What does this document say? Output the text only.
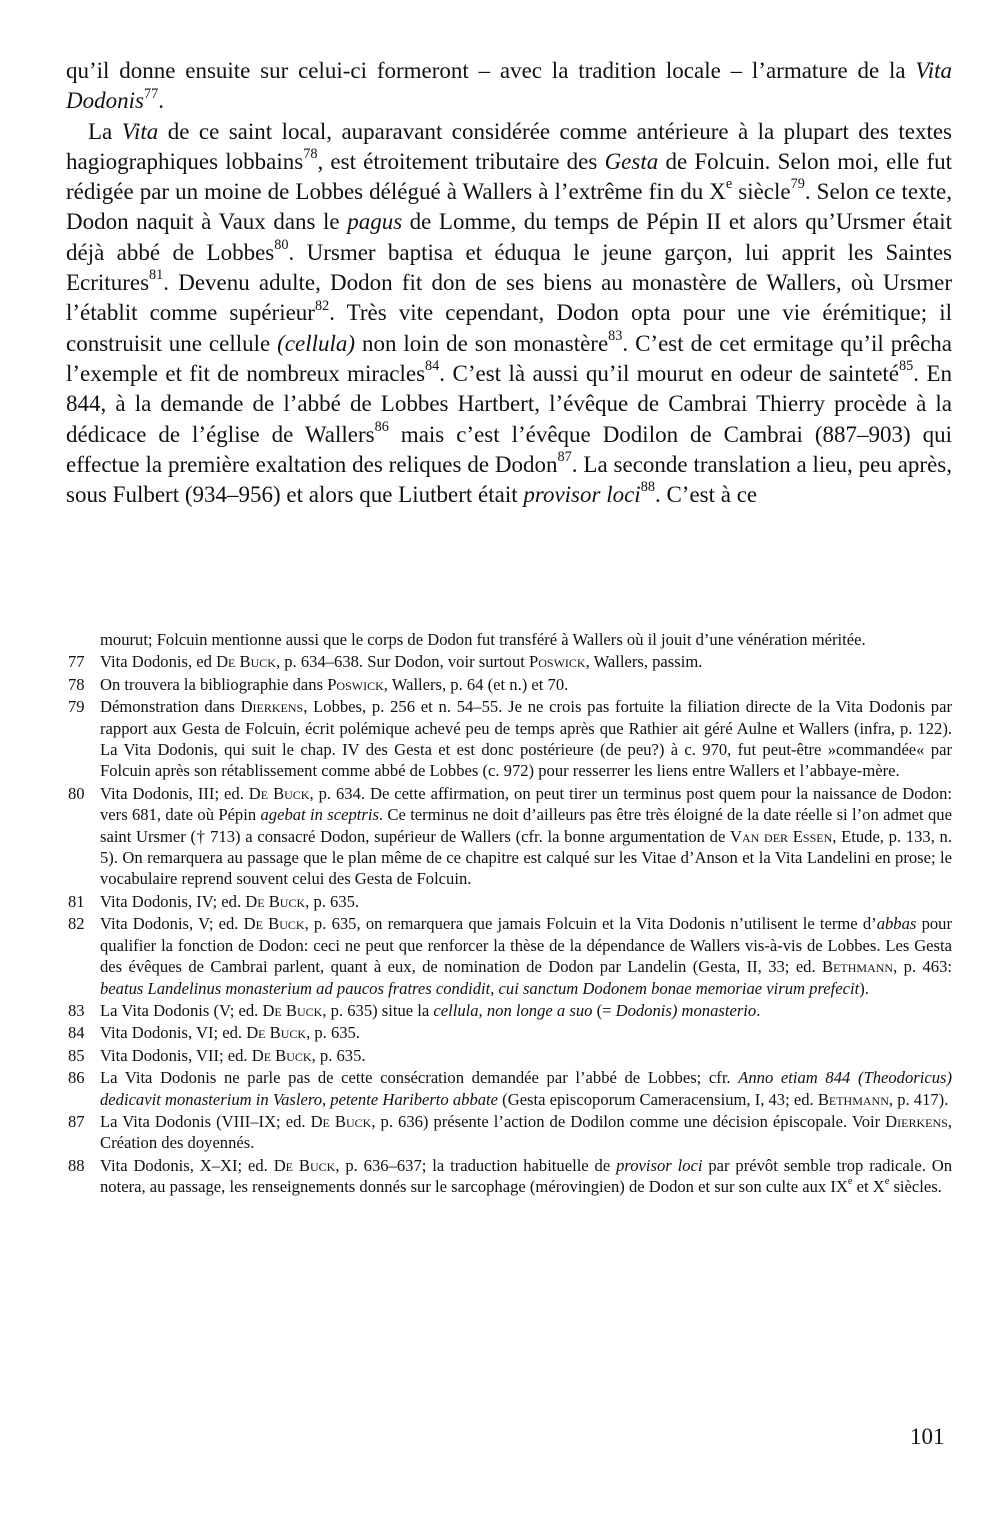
qu’il donne ensuite sur celui-ci formeront – avec la tradition locale – l’armature de la Vita Dodonis$^{77}$.

La Vita de ce saint local, auparavant considérée comme antérieure à la plupart des textes hagiographiques lobbains$^{78}$, est étroitement tributaire des Gesta de Folcuin. Selon moi, elle fut rédigée par un moine de Lobbes délégué à Wallers à l’extrême fin du Xe siècle$^{79}$. Selon ce texte, Dodon naquit à Vaux dans le pagus de Lomme, du temps de Pépin II et alors qu’Ursmer était déjà abbé de Lobbes$^{80}$. Ursmer baptisa et éduqua le jeune garçon, lui apprit les Saintes Ecritures$^{81}$. Devenu adulte, Dodon fit don de ses biens au monastère de Wallers, où Ursmer l’établit comme supérieur$^{82}$. Très vite cependant, Dodon opta pour une vie érémitique; il construisit une cellule (cellula) non loin de son monastère$^{83}$. C’est de cet ermitage qu’il prêcha l’exemple et fit de nombreux miracles$^{84}$. C’est là aussi qu’il mourut en odeur de sainteté$^{85}$. En 844, à la demande de l’abbé de Lobbes Hartbert, l’évêque de Cambrai Thierry procède à la dédicace de l’église de Wallers$^{86}$ mais c’est l’évêque Dodilon de Cambrai (887–903) qui effectue la première exaltation des reliques de Dodon$^{87}$. La seconde translation a lieu, peu après, sous Fulbert (934–956) et alors que Liutbert était provisor loci$^{88}$. C’est à ce

mourut; Folcuin mentionne aussi que le corps de Dodon fut transféré à Wallers où il jouit d’une vénération méritée.

77 Vita Dodonis, ed De Buck, p. 634–638. Sur Dodon, voir surtout Poswick, Wallers, passim.

78 On trouvera la bibliographie dans Poswick, Wallers, p. 64 (et n.) et 70.

79 Démonstration dans Dierkens, Lobbes, p. 256 et n. 54–55. Je ne crois pas fortuite la filiation directe de la Vita Dodonis par rapport aux Gesta de Folcuin, écrit polémique achevé peu de temps après que Rathier ait géré Aulne et Wallers (infra, p. 122). La Vita Dodonis, qui suit le chap. IV des Gesta et est donc postérieure (de peu?) à c. 970, fut peut-être »commandée« par Folcuin après son rétablissement comme abbé de Lobbes (c. 972) pour resserrer les liens entre Wallers et l’abbaye-mère.

80 Vita Dodonis, III; ed. De Buck, p. 634. De cette affirmation, on peut tirer un terminus post quem pour la naissance de Dodon: vers 681, date où Pépin agebat in sceptris. Ce terminus ne doit d’ailleurs pas être très éloigné de la date réelle si l’on admet que saint Ursmer († 713) a consacré Dodon, supérieur de Wallers (cfr. la bonne argumentation de Van der Essen, Etude, p. 133, n. 5). On remarquera au passage que le plan même de ce chapitre est calqué sur les Vitae d’Anson et la Vita Landelini en prose; le vocabulaire reprend souvent celui des Gesta de Folcuin.

81 Vita Dodonis, IV; ed. De Buck, p. 635.

82 Vita Dodonis, V; ed. De Buck, p. 635, on remarquera que jamais Folcuin et la Vita Dodonis n’utilisent le terme d’abbas pour qualifier la fonction de Dodon: ceci ne peut que renforcer la thèse de la dépendance de Wallers vis-à-vis de Lobbes. Les Gesta des évêques de Cambrai parlent, quant à eux, de nomination de Dodon par Landelin (Gesta, II, 33; ed. Bethmann, p. 463: beatus Landelinus monasterium ad paucos fratres condidit, cui sanctum Dodonem bonae memoriae virum prefecit).

83 La Vita Dodonis (V; ed. De Buck, p. 635) situe la cellula, non longe a suo (= Dodonis) monasterio.

84 Vita Dodonis, VI; ed. De Buck, p. 635.

85 Vita Dodonis, VII; ed. De Buck, p. 635.

86 La Vita Dodonis ne parle pas de cette consécration demandée par l’abbé de Lobbes; cfr. Anno etiam 844 (Theodoricus) dedicavit monasterium in Vaslero, petente Hariberto abbate (Gesta episcoporum Cameracensium, I, 43; ed. Bethmann, p. 417).

87 La Vita Dodonis (VIII–IX; ed. De Buck, p. 636) présente l’action de Dodilon comme une décision épiscopale. Voir Dierkens, Création des doyennés.

88 Vita Dodonis, X–XI; ed. De Buck, p. 636–637; la traduction habituelle de provisor loci par prévôt semble trop radicale. On notera, au passage, les renseignements donnés sur le sarcophage (mérovingien) de Dodon et sur son culte aux IXe et Xe siècles.

101
